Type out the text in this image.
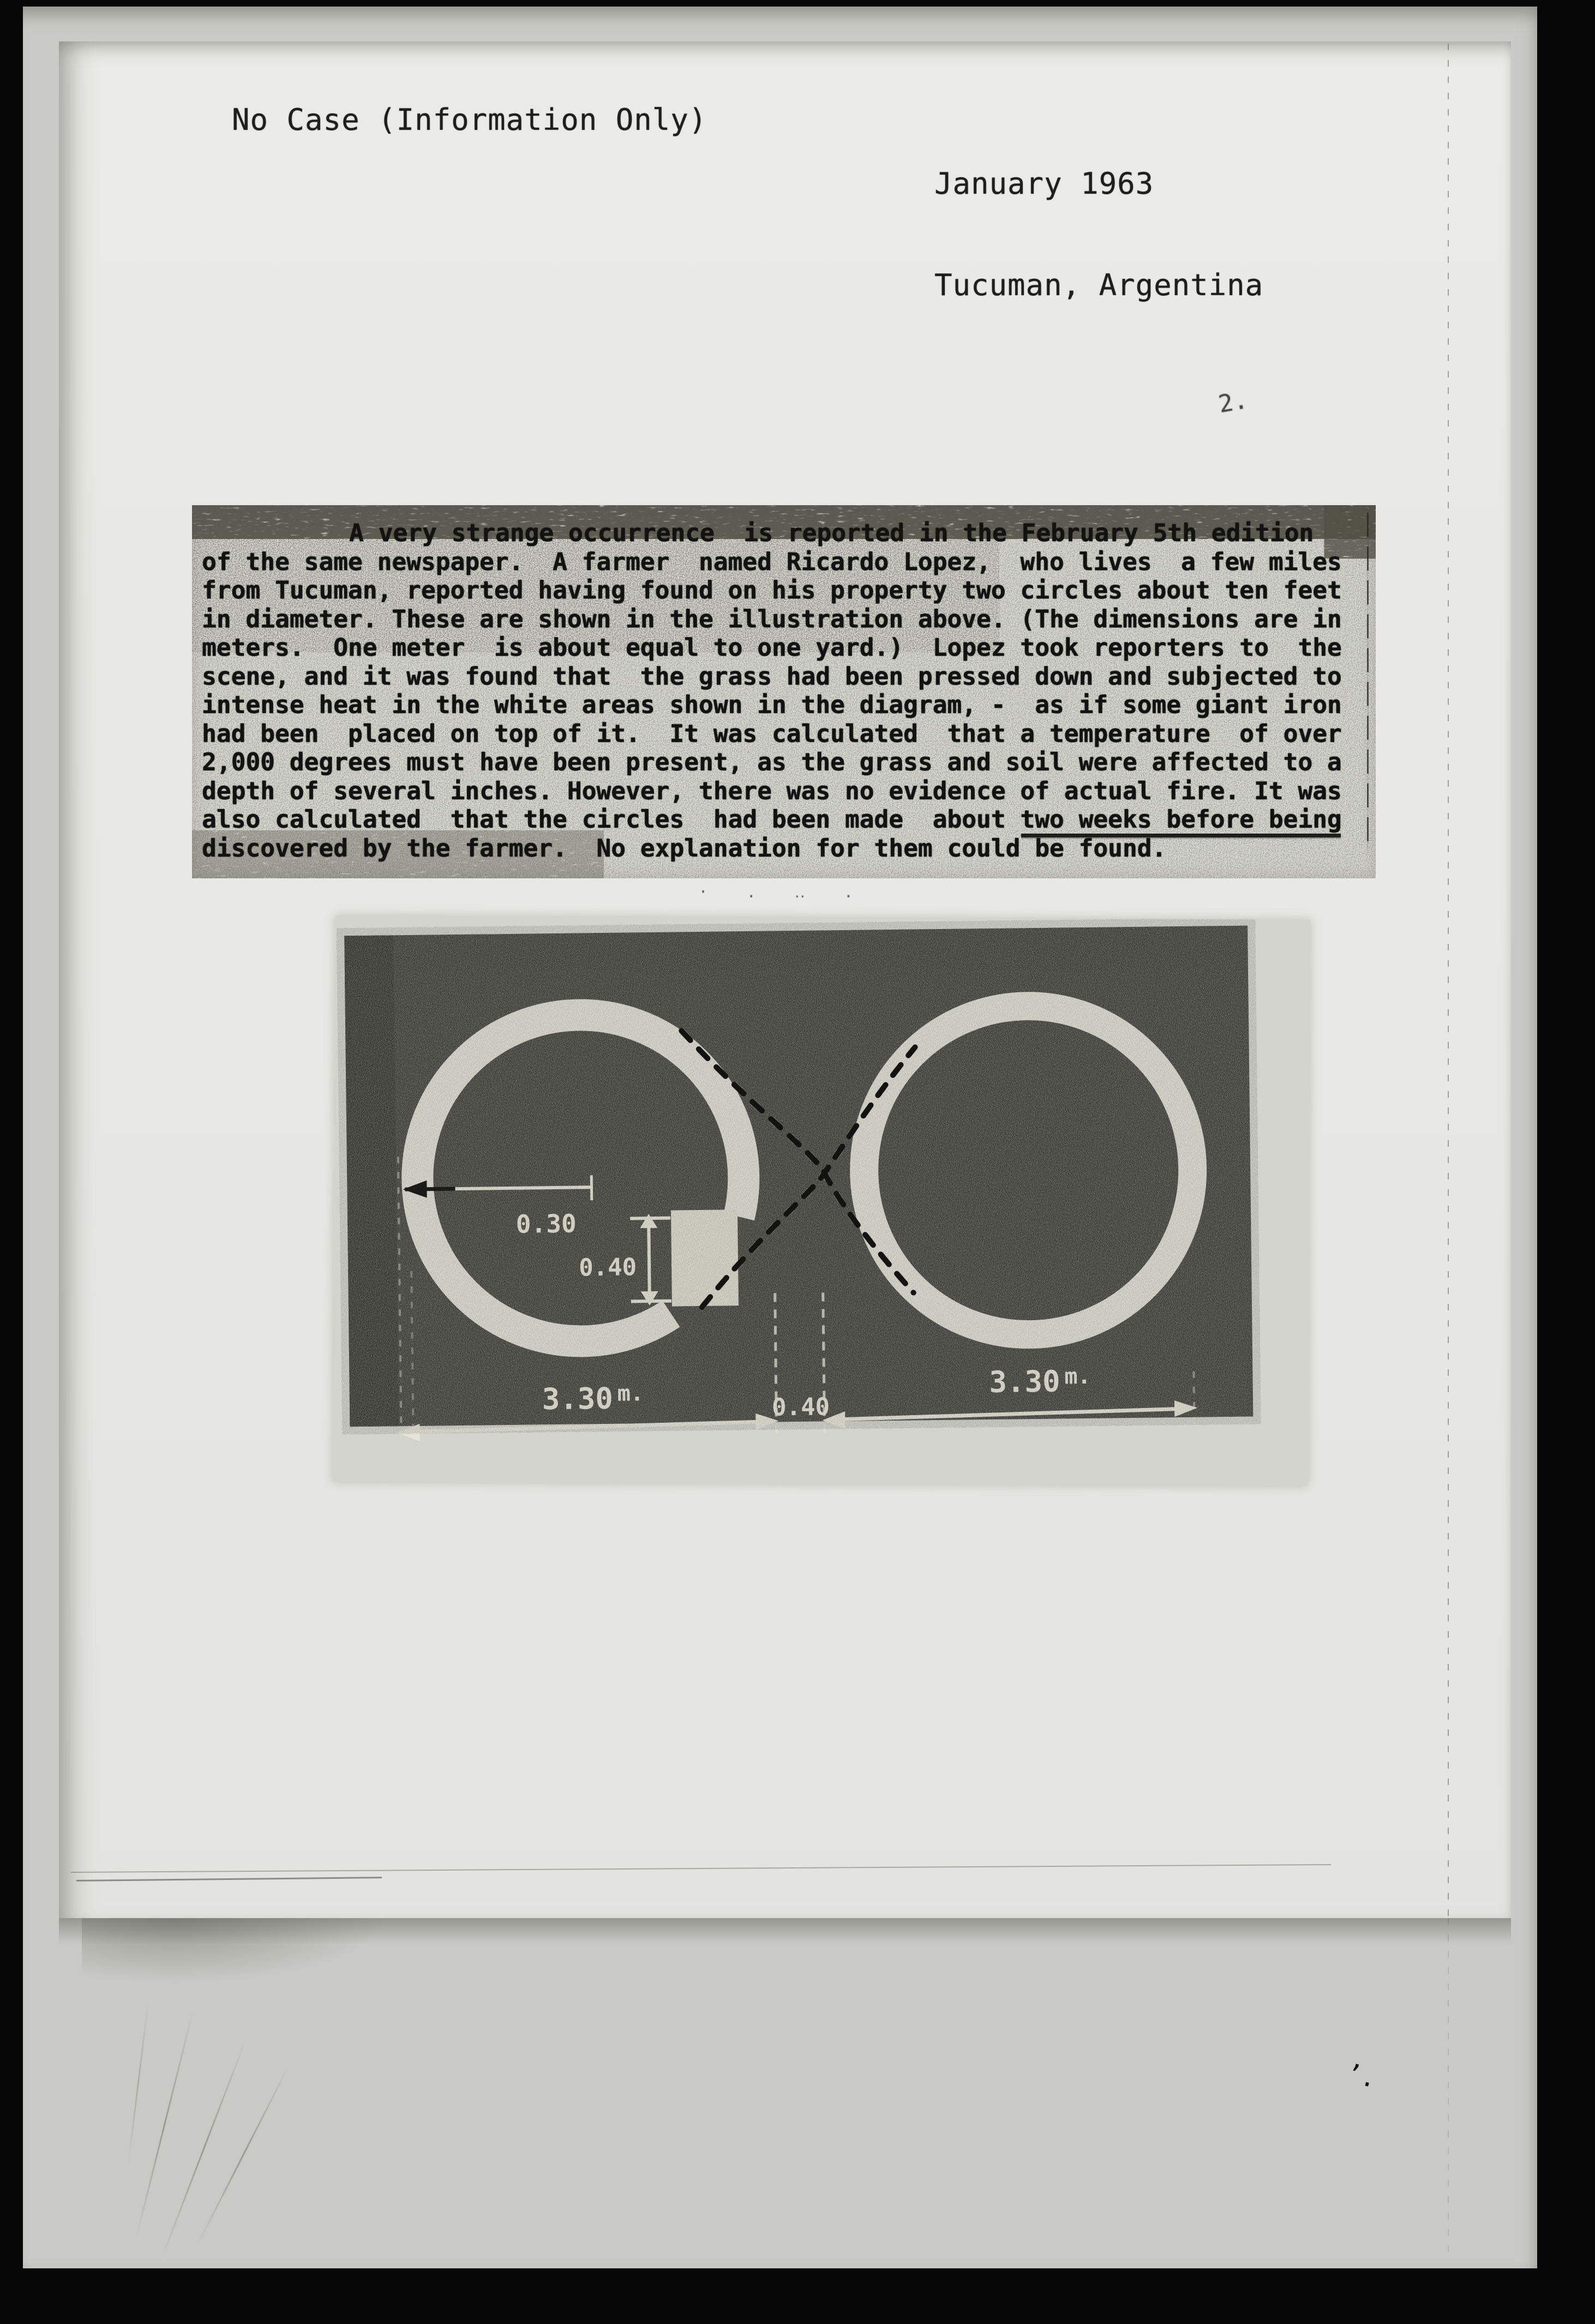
No Case (Information Only)

January 1963

Tucuman, Argentina

A very strange occurrence  is reported in the February 5th edition
of the same newspaper.  A farmer  named Ricardo Lopez,  who lives  a few miles
from Tucuman, reported having found on his property two circles about ten feet
in diameter. These are shown in the illustration above. (The dimensions are in
meters.  One meter  is about equal to one yard.)  Lopez took reporters to  the
scene, and it was found that  the grass had been pressed down and subjected to
intense heat in the white areas shown in the diagram, -  as if some giant iron
had been  placed on top of it.  It was calculated  that a temperature  of over
2,000 degrees must have been present, as the grass and soil were affected to a
depth of several inches. However, there was no evidence of actual fire. It was
also calculated  that the circles  had been made  about two weeks before being
discovered by the farmer.  No explanation for them could be found.
· . ‥ .
0.30
0.40
0.40
3.30 $^{m.}$	3.30 $^{m.}$
2.
ʼ.
